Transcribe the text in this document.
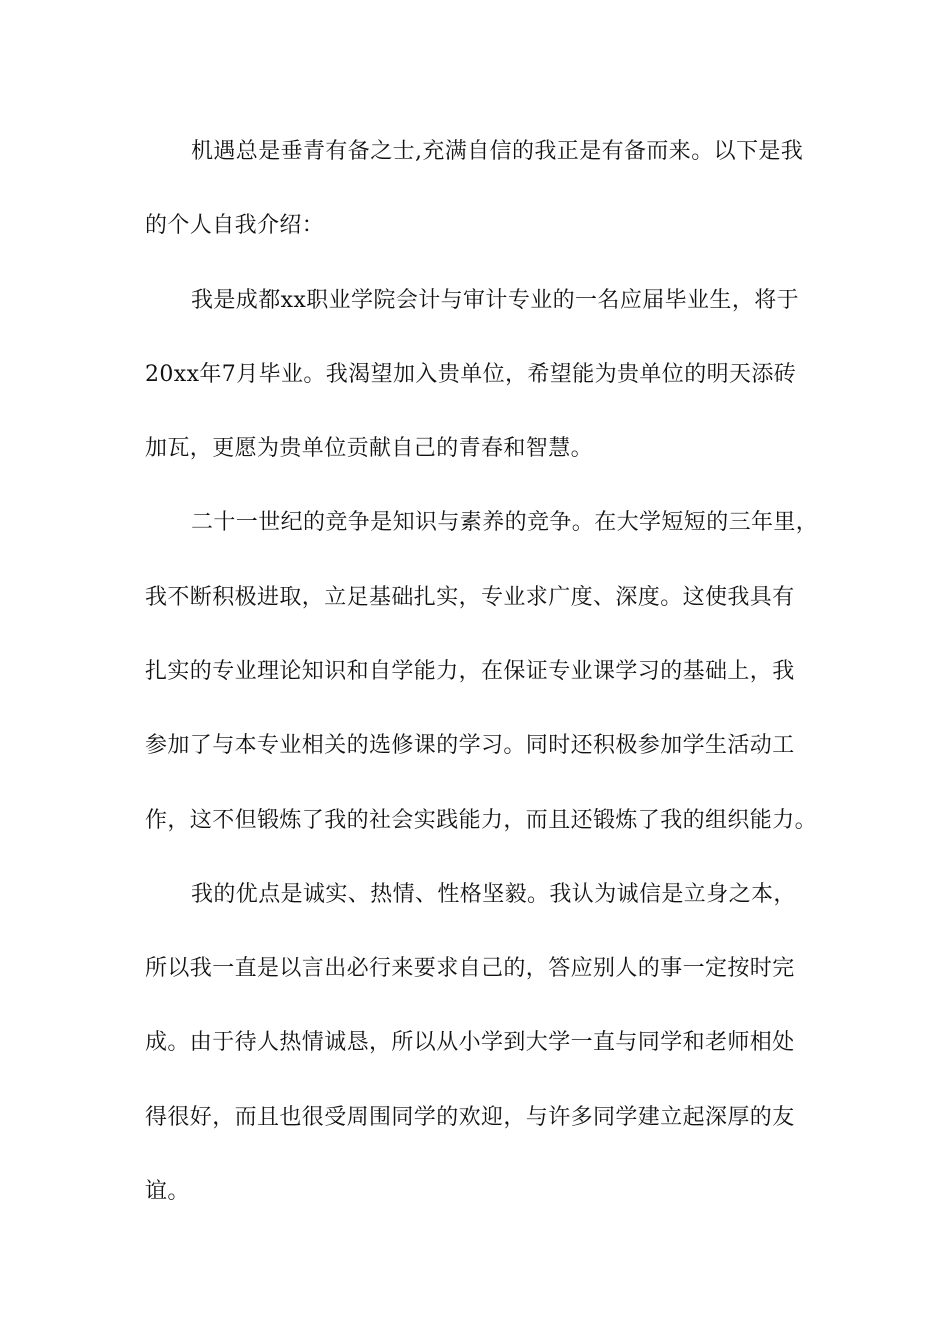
机遇总是垂青有备之士,充满自信的我正是有备而来。以下是我
的个人自我介绍：
我是成都xx职业学院会计与审计专业的一名应届毕业生，将于
20xx年7月毕业。我渴望加入贵单位，希望能为贵单位的明天添砖
加瓦，更愿为贵单位贡献自己的青春和智慧。
二十一世纪的竞争是知识与素养的竞争。在大学短短的三年里，
我不断积极进取，立足基础扎实，专业求广度、深度。这使我具有
扎实的专业理论知识和自学能力，在保证专业课学习的基础上，我
参加了与本专业相关的选修课的学习。同时还积极参加学生活动工
作，这不但锻炼了我的社会实践能力，而且还锻炼了我的组织能力。
我的优点是诚实、热情、性格坚毅。我认为诚信是立身之本，
所以我一直是以言出必行来要求自己的，答应别人的事一定按时完
成。由于待人热情诚恳，所以从小学到大学一直与同学和老师相处
得很好，而且也很受周围同学的欢迎，与许多同学建立起深厚的友
谊。
